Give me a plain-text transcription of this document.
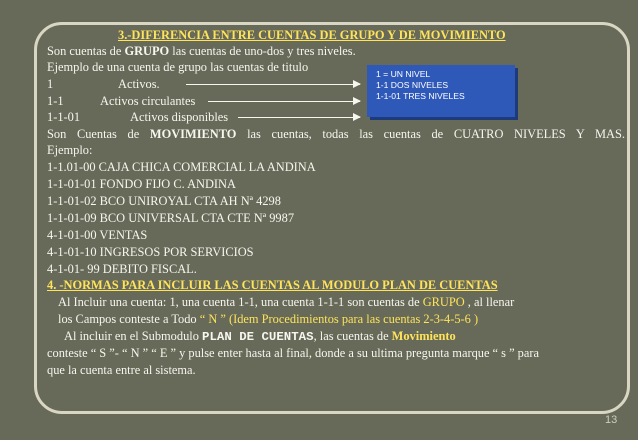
3.-DIFERENCIA ENTRE CUENTAS DE GRUPO Y DE MOVIMIENTO
Son cuentas de GRUPO las cuentas de uno-dos y tres niveles.
Ejemplo de una cuenta de grupo las cuentas de titulo
1	Activos.
1-1	Activos circulantes
1-1-01	Activos disponibles
1 = UN NIVEL
1-1 DOS NIVELES
1-1-01 TRES NIVELES
Son Cuentas de MOVIMIENTO las cuentas, todas las cuentas de CUATRO NIVELES Y MAS.
Ejemplo:
1-1.01-00 CAJA CHICA COMERCIAL LA ANDINA
1-1-01-01 FONDO FIJO C. ANDINA
1-1-01-02 BCO UNIROYAL CTA AH Nª 4298
1-1-01-09 BCO UNIVERSAL CTA CTE Nª 9987
4-1-01-00 VENTAS
4-1-01-10 INGRESOS POR SERVICIOS
4-1-01- 99 DEBITO FISCAL.
4. -NORMAS PARA INCLUIR LAS CUENTAS AL MODULO PLAN DE CUENTAS
Al Incluir una cuenta: 1, una cuenta 1-1, una cuenta 1-1-1 son cuentas de GRUPO , al llenar
los Campos conteste a Todo “ N ” (Idem Procedimientos para las cuentas 2-3-4-5-6 )
Al incluir en el Submodulo PLAN DE CUENTAS, las cuentas de Movimiento
conteste “ S ”- “ N ” “ E ” y pulse enter hasta al final, donde a su ultima pregunta marque “ s ” para
que la cuenta entre al sistema.
13
